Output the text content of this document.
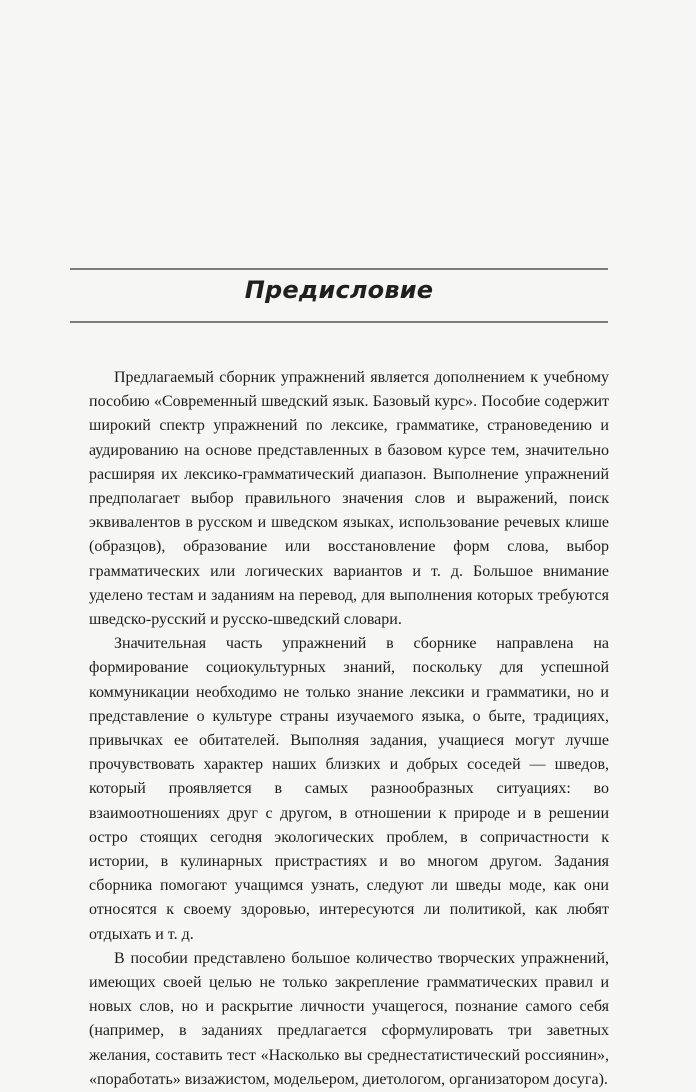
Предисловие

Предлагаемый сборник упражнений является дополнением к учебному пособию «Современный шведский язык. Базовый курс». Пособие содержит широкий спектр упражнений по лексике, грамматике, страноведению и аудированию на основе представленных в базовом курсе тем, значительно расширяя их лексико-грамматический диапазон. Выполнение упражнений предполагает выбор правильного значения слов и выражений, поиск эквивалентов в русском и шведском языках, использование речевых клише (образцов), образование или восстановление форм слова, выбор грамматических или логических вариантов и т. д. Большое внимание уделено тестам и заданиям на перевод, для выполнения которых требуются шведско-русский и русско-шведский словари.

Значительная часть упражнений в сборнике направлена на формирование социокультурных знаний, поскольку для успешной коммуникации необходимо не только знание лексики и грамматики, но и представление о культуре страны изучаемого языка, о быте, традициях, привычках ее обитателей. Выполняя задания, учащиеся могут лучше прочувствовать характер наших близких и добрых соседей — шведов, который проявляется в самых разнообразных ситуациях: во взаимоотношениях друг с другом, в отношении к природе и в решении остро стоящих сегодня экологических проблем, в сопричастности к истории, в кулинарных пристрастиях и во многом другом. Задания сборника помогают учащимся узнать, следуют ли шведы моде, как они относятся к своему здоровью, интересуются ли политикой, как любят отдыхать и т. д.

В пособии представлено большое количество творческих упражнений, имеющих своей целью не только закрепление грамматических правил и новых слов, но и раскрытие личности учащегося, познание самого себя (например, в заданиях предлагается сформулировать три заветных желания, составить тест «Насколько вы среднестатистический россиянин», «поработать» визажистом, модельером, диетологом, организатором досуга).
